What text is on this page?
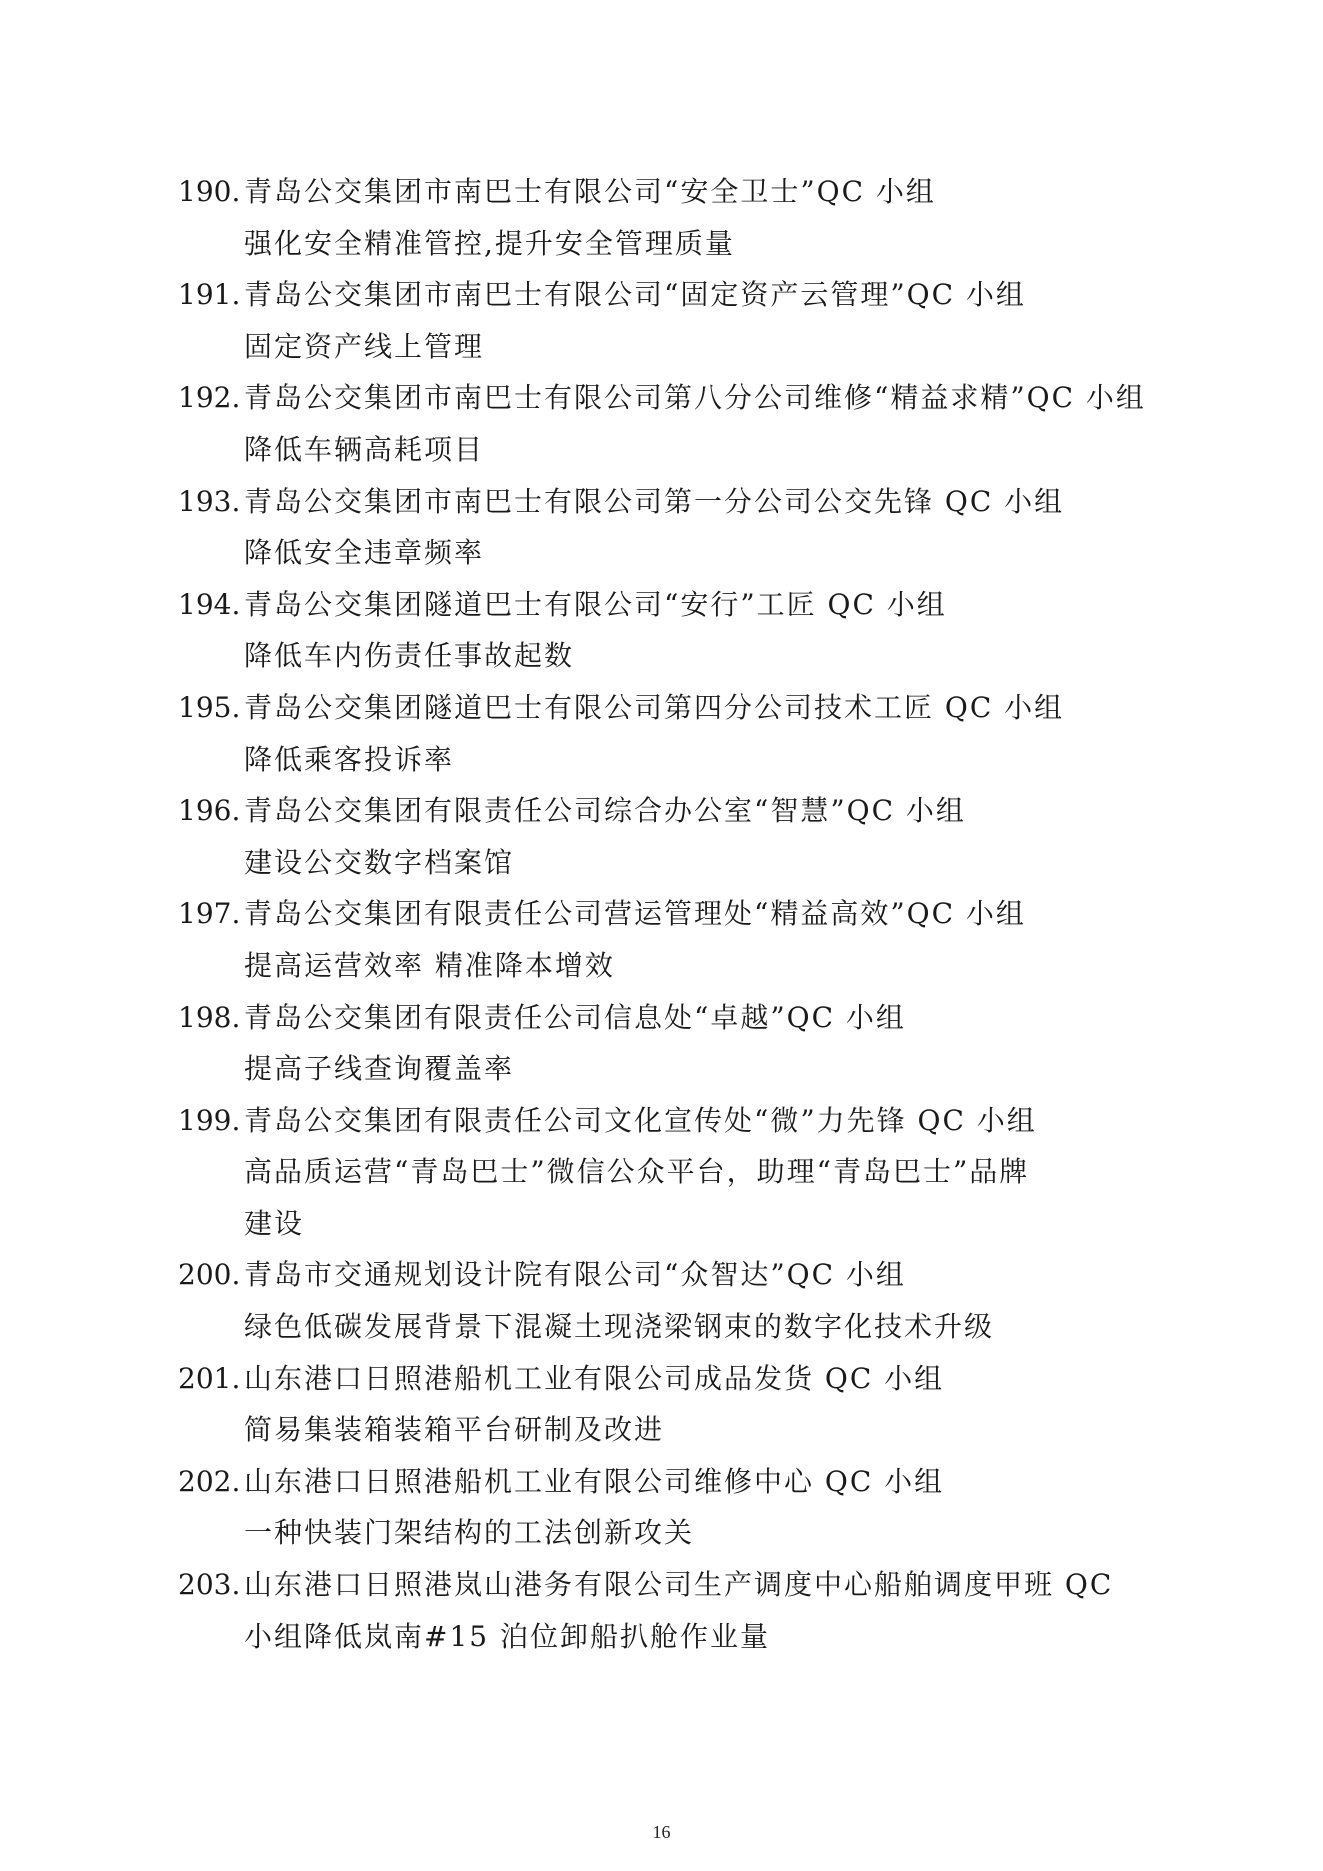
190. 青岛公交集团市南巴士有限公司“安全卫士”QC 小组
强化安全精准管控,提升安全管理质量
191. 青岛公交集团市南巴士有限公司“固定资产云管理”QC 小组
固定资产线上管理
192. 青岛公交集团市南巴士有限公司第八分公司维修“精益求精”QC 小组
降低车辆高耗项目
193. 青岛公交集团市南巴士有限公司第一分公司公交先锋 QC 小组
降低安全违章频率
194. 青岛公交集团隧道巴士有限公司“安行”工匠 QC 小组
降低车内伤责任事故起数
195. 青岛公交集团隧道巴士有限公司第四分公司技术工匠 QC 小组
降低乘客投诉率
196. 青岛公交集团有限责任公司综合办公室“智慧”QC 小组
建设公交数字档案馆
197. 青岛公交集团有限责任公司营运管理处“精益高效”QC 小组
提高运营效率 精准降本增效
198. 青岛公交集团有限责任公司信息处“卓越”QC 小组
提高子线查询覆盖率
199. 青岛公交集团有限责任公司文化宣传处“微”力先锋 QC 小组
高品质运营“青岛巴士”微信公众平台，助理“青岛巴士”品牌
建设
200. 青岛市交通规划设计院有限公司“众智达”QC 小组
绿色低碳发展背景下混凝土现浇梁钢束的数字化技术升级
201. 山东港口日照港船机工业有限公司成品发货 QC 小组
简易集装箱装箱平台研制及改进
202. 山东港口日照港船机工业有限公司维修中心 QC 小组
一种快装门架结构的工法创新攻关
203. 山东港口日照港岚山港务有限公司生产调度中心船舶调度甲班 QC
小组降低岚南#15 泊位卸船扒舱作业量
16
